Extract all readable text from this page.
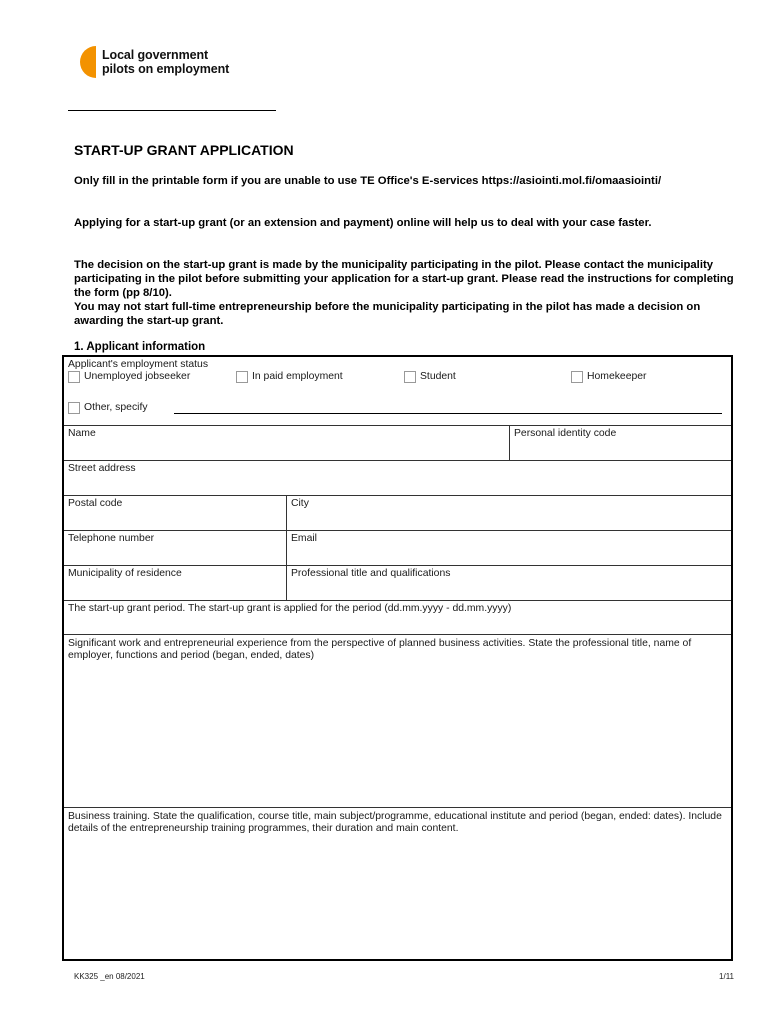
Local government
pilots on employment
START-UP GRANT APPLICATION

Only fill in the printable form if you are unable to use TE Office's E-services https://asiointi.mol.fi/omaasiointi/

Applying for a start-up grant (or an extension and payment) online will help us to deal with your case faster.

The decision on the start-up grant is made by the municipality participating in the pilot. Please contact the municipality participating in the pilot before submitting your application for a start-up grant. Please read the instructions for completing the form (pp 8/10).
You may not start full-time entrepreneurship before the municipality participating in the pilot has made a decision on awarding the start-up grant.
1. Applicant information
Applicant's employment status
Unemployed jobseeker	In paid employment	Student	Homekeeper
Other, specify
Name	Personal identity code
Street address
Postal code	City
Telephone number	Email
Municipality of residence	Professional title and qualifications
The start-up grant period. The start-up grant is applied for the period (dd.mm.yyyy - dd.mm.yyyy)
Significant work and entrepreneurial experience from the perspective of planned business activities. State the professional title, name of employer, functions and period (began, ended, dates)
Business training. State the qualification, course title, main subject/programme, educational institute and period (began, ended: dates). Include details of the entrepreneurship training programmes, their duration and main content.
KK325 _en 08/2021	1/11
